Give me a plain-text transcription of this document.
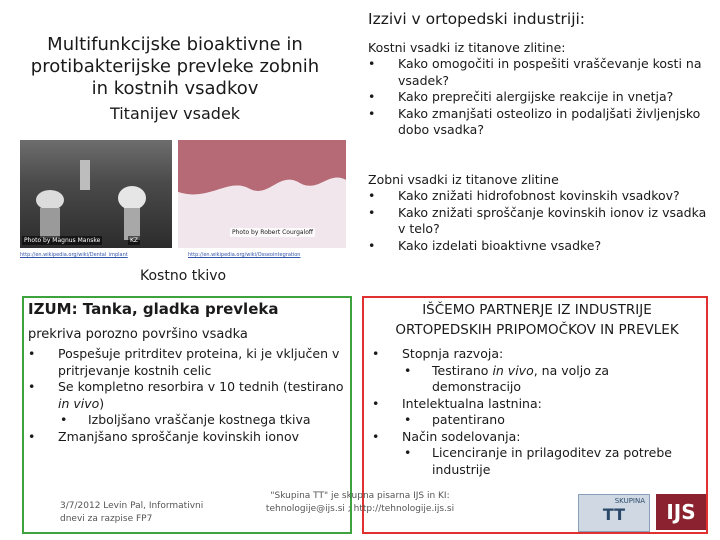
Multifunkcijske bioaktivne in protibakterijske prevleke zobnih in kostnih vsadkov
Titanijev vsadek
Izzivi v ortopedski industriji:
Kostni vsadki iz titanove zlitine:
• Kako omogočiti in pospešiti vraščevanje kosti na vsadek?
• Kako preprečiti alergijske reakcije in vnetja?
• Kako zmanjšati osteolizo in podaljšati življenjsko dobo vsadka?
Zobni vsadki iz titanove zlitine
• Kako znižati hidrofobnost kovinskih vsadkov?
• Kako znižati sproščanje kovinskih ionov iz vsadka v telo?
• Kako izdelati bioaktivne vsadke?
Photo by Magnus Manske	KZ
http://en.wikipedia.org/wiki/Dental_implant
Photo by Robert Courgaloff
http://en.wikipedia.org/wiki/Osseointegration
Kostno tkivo
IZUM: Tanka, gladka prevleka
prekriva porozno površino vsadka
• Pospešuje pritrditev proteina, ki je vključen v pritrjevanje kostnih celic
• Se kompletno resorbira v 10 tednih (testirano in vivo)
• Izboljšano vraščanje kostnega tkiva
• Zmanjšano sproščanje kovinskih ionov
IŠČEMO PARTNERJE IZ INDUSTRIJE ORTOPEDSKIH PRIPOMOČKOV IN PREVLEK
• Stopnja razvoja:
• Testirano in vivo, na voljo za demonstracijo
• Intelektualna lastnina:
• patentirano
• Način sodelovanja:
• Licenciranje in prilagoditev za potrebe industrije
3/7/2012 Levin Pal, Informativni dnevi za razpise FP7
"Skupina TT" je skupna pisarna IJS in KI: tehnologije@ijs.si ; http://tehnologije.ijs.si
SKUPINA
TT	IJS
